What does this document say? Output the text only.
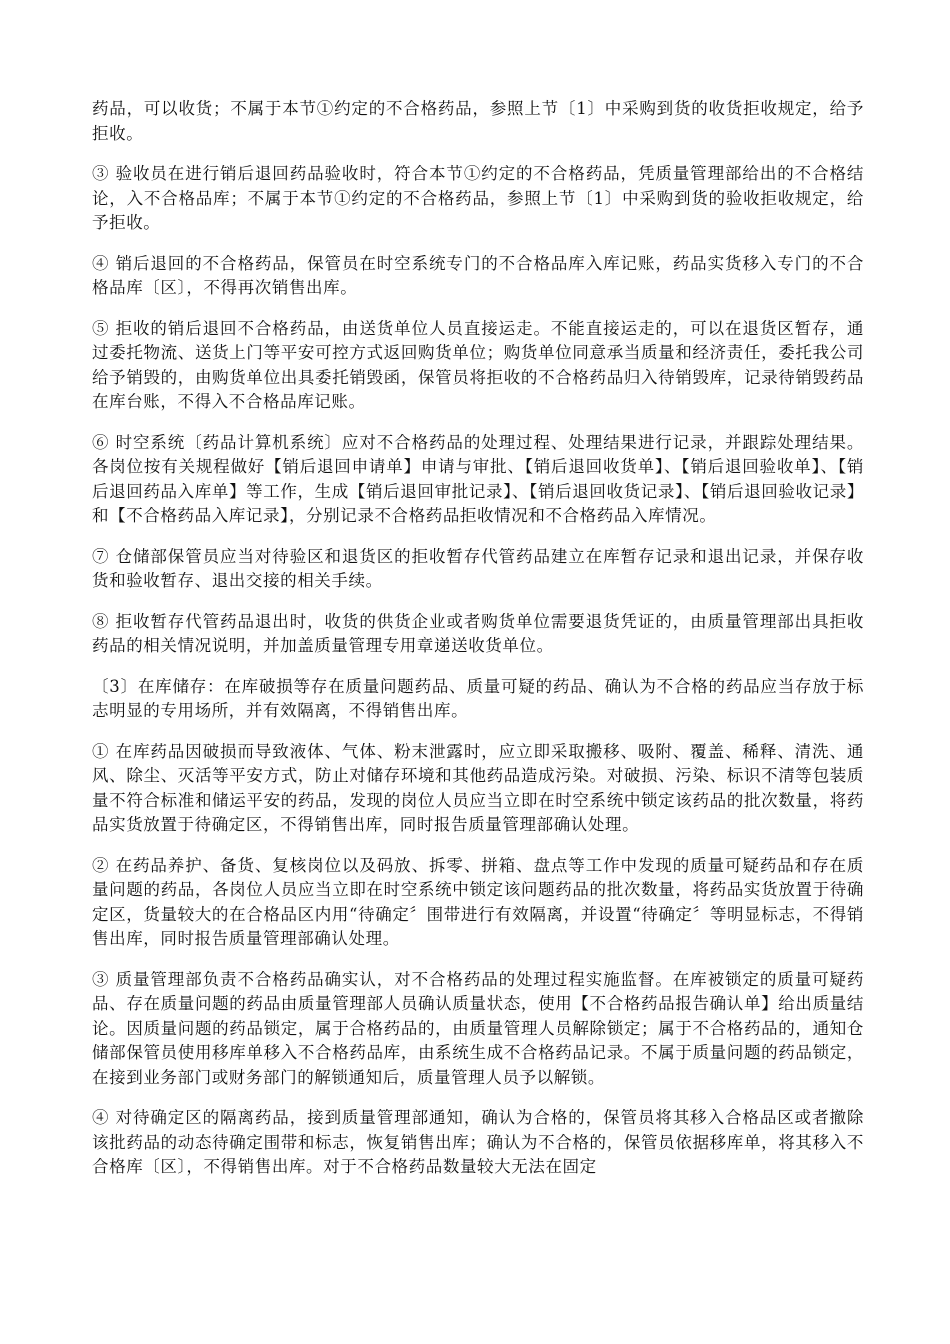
药品，可以收货；不属于本节①约定的不合格药品，参照上节〔1〕中采购到货的收货拒收规定，给予拒收。

③ 验收员在进行销后退回药品验收时，符合本节①约定的不合格药品，凭质量管理部给出的不合格结论，入不合格品库；不属于本节①约定的不合格药品，参照上节〔1〕中采购到货的验收拒收规定，给予拒收。

④ 销后退回的不合格药品，保管员在时空系统专门的不合格品库入库记账，药品实货移入专门的不合格品库〔区〕，不得再次销售出库。

⑤ 拒收的销后退回不合格药品，由送货单位人员直接运走。不能直接运走的，可以在退货区暂存，通过委托物流、送货上门等平安可控方式返回购货单位；购货单位同意承当质量和经济责任，委托我公司给予销毁的，由购货单位出具委托销毁函，保管员将拒收的不合格药品归入待销毁库，记录待销毁药品在库台账，不得入不合格品库记账。

⑥ 时空系统〔药品计算机系统〕应对不合格药品的处理过程、处理结果进行记录，并跟踪处理结果。各岗位按有关规程做好【销后退回申请单】申请与审批、【销后退回收货单】、【销后退回验收单】、【销后退回药品入库单】等工作，生成【销后退回审批记录】、【销后退回收货记录】、【销后退回验收记录】和【不合格药品入库记录】，分别记录不合格药品拒收情况和不合格药品入库情况。

⑦ 仓储部保管员应当对待验区和退货区的拒收暂存代管药品建立在库暂存记录和退出记录，并保存收货和验收暂存、退出交接的相关手续。

⑧ 拒收暂存代管药品退出时，收货的供货企业或者购货单位需要退货凭证的，由质量管理部出具拒收药品的相关情况说明，并加盖质量管理专用章递送收货单位。

〔3〕在库储存：在库破损等存在质量问题药品、质量可疑的药品、确认为不合格的药品应当存放于标志明显的专用场所，并有效隔离，不得销售出库。

① 在库药品因破损而导致液体、气体、粉末泄露时，应立即采取搬移、吸附、覆盖、稀释、清洗、通风、除尘、灭活等平安方式，防止对储存环境和其他药品造成污染。对破损、污染、标识不清等包装质量不符合标准和储运平安的药品，发现的岗位人员应当立即在时空系统中锁定该药品的批次数量，将药品实货放置于待确定区，不得销售出库，同时报告质量管理部确认处理。

② 在药品养护、备货、复核岗位以及码放、拆零、拼箱、盘点等工作中发现的质量可疑药品和存在质量问题的药品，各岗位人员应当立即在时空系统中锁定该问题药品的批次数量，将药品实货放置于待确定区，货量较大的在合格品区内用“待确定〞围带进行有效隔离，并设置“待确定〞等明显标志，不得销售出库，同时报告质量管理部确认处理。

③ 质量管理部负责不合格药品确实认，对不合格药品的处理过程实施监督。在库被锁定的质量可疑药品、存在质量问题的药品由质量管理部人员确认质量状态，使用【不合格药品报告确认单】给出质量结论。因质量问题的药品锁定，属于合格药品的，由质量管理人员解除锁定；属于不合格药品的，通知仓储部保管员使用移库单移入不合格药品库，由系统生成不合格药品记录。不属于质量问题的药品锁定，在接到业务部门或财务部门的解锁通知后，质量管理人员予以解锁。

④ 对待确定区的隔离药品，接到质量管理部通知，确认为合格的，保管员将其移入合格品区或者撤除该批药品的动态待确定围带和标志，恢复销售出库；确认为不合格的，保管员依据移库单，将其移入不合格库〔区〕，不得销售出库。对于不合格药品数量较大无法在固定
